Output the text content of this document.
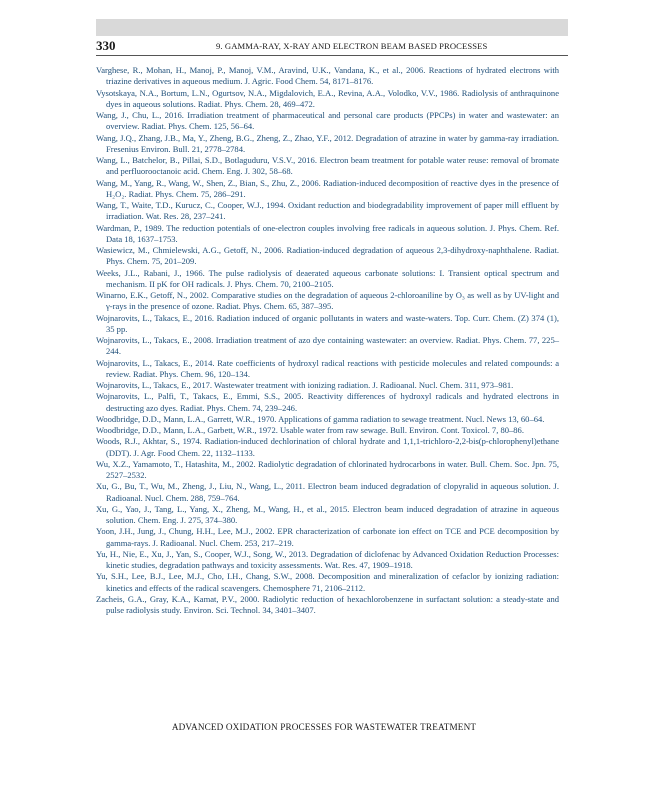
330	9. GAMMA-RAY, X-RAY AND ELECTRON BEAM BASED PROCESSES
Varghese, R., Mohan, H., Manoj, P., Manoj, V.M., Aravind, U.K., Vandana, K., et al., 2006. Reactions of hydrated electrons with triazine derivatives in aqueous medium. J. Agric. Food Chem. 54, 8171–8176.
Vysotskaya, N.A., Bortum, L.N., Ogurtsov, N.A., Migdalovich, E.A., Revina, A.A., Volodko, V.V., 1986. Radiolysis of anthraquinone dyes in aqueous solutions. Radiat. Phys. Chem. 28, 469–472.
Wang, J., Chu, L., 2016. Irradiation treatment of pharmaceutical and personal care products (PPCPs) in water and wastewater: an overview. Radiat. Phys. Chem. 125, 56–64.
Wang, J.Q., Zhang, J.B., Ma, Y., Zheng, B.G., Zheng, Z., Zhao, Y.F., 2012. Degradation of atrazine in water by gamma-ray irradiation. Fresenius Environ. Bull. 21, 2778–2784.
Wang, L., Batchelor, B., Pillai, S.D., Botlaguduru, V.S.V., 2016. Electron beam treatment for potable water reuse: removal of bromate and perfluorooctanoic acid. Chem. Eng. J. 302, 58–68.
Wang, M., Yang, R., Wang, W., Shen, Z., Bian, S., Zhu, Z., 2006. Radiation-induced decomposition of reactive dyes in the presence of H₂O₂. Radiat. Phys. Chem. 75, 286–291.
Wang, T., Waite, T.D., Kurucz, C., Cooper, W.J., 1994. Oxidant reduction and biodegradability improvement of paper mill effluent by irradiation. Wat. Res. 28, 237–241.
Wardman, P., 1989. The reduction potentials of one-electron couples involving free radicals in aqueous solution. J. Phys. Chem. Ref. Data 18, 1637–1753.
Wasiewicz, M., Chmielewski, A.G., Getoff, N., 2006. Radiation-induced degradation of aqueous 2,3-dihydroxy-naphthalene. Radiat. Phys. Chem. 75, 201–209.
Weeks, J.L., Rabani, J., 1966. The pulse radiolysis of deaerated aqueous carbonate solutions: I. Transient optical spectrum and mechanism. II pK for OH radicals. J. Phys. Chem. 70, 2100–2105.
Winarno, E.K., Getoff, N., 2002. Comparative studies on the degradation of aqueous 2-chloroaniline by O₃ as well as by UV-light and γ-rays in the presence of ozone. Radiat. Phys. Chem. 65, 387–395.
Wojnarovits, L., Takacs, E., 2016. Radiation induced of organic pollutants in waters and waste-waters. Top. Curr. Chem. (Z) 374 (1), 35 pp.
Wojnarovits, L., Takacs, E., 2008. Irradiation treatment of azo dye containing wastewater: an overview. Radiat. Phys. Chem. 77, 225–244.
Wojnarovits, L., Takacs, E., 2014. Rate coefficients of hydroxyl radical reactions with pesticide molecules and related compounds: a review. Radiat. Phys. Chem. 96, 120–134.
Wojnarovits, L., Takacs, E., 2017. Wastewater treatment with ionizing radiation. J. Radioanal. Nucl. Chem. 311, 973–981.
Wojnarovits, L., Palfi, T., Takacs, E., Emmi, S.S., 2005. Reactivity differences of hydroxyl radicals and hydrated electrons in destructing azo dyes. Radiat. Phys. Chem. 74, 239–246.
Woodbridge, D.D., Mann, L.A., Garrett, W.R., 1970. Applications of gamma radiation to sewage treatment. Nucl. News 13, 60–64.
Woodbridge, D.D., Mann, L.A., Garbett, W.R., 1972. Usable water from raw sewage. Bull. Environ. Cont. Toxicol. 7, 80–86.
Woods, R.J., Akhtar, S., 1974. Radiation-induced dechlorination of chloral hydrate and 1,1,1-trichloro-2,2-bis(p-chlorophenyl)ethane (DDT). J. Agr. Food Chem. 22, 1132–1133.
Wu, X.Z., Yamamoto, T., Hatashita, M., 2002. Radiolytic degradation of chlorinated hydrocarbons in water. Bull. Chem. Soc. Jpn. 75, 2527–2532.
Xu, G., Bu, T., Wu, M., Zheng, J., Liu, N., Wang, L., 2011. Electron beam induced degradation of clopyralid in aqueous solution. J. Radioanal. Nucl. Chem. 288, 759–764.
Xu, G., Yao, J., Tang, L., Yang, X., Zheng, M., Wang, H., et al., 2015. Electron beam induced degradation of atrazine in aqueous solution. Chem. Eng. J. 275, 374–380.
Yoon, J.H., Jung, J., Chung, H.H., Lee, M.J., 2002. EPR characterization of carbonate ion effect on TCE and PCE decomposition by gamma-rays. J. Radioanal. Nucl. Chem. 253, 217–219.
Yu, H., Nie, E., Xu, J., Yan, S., Cooper, W.J., Song, W., 2013. Degradation of diclofenac by Advanced Oxidation Reduction Processes: kinetic studies, degradation pathways and toxicity assessments. Wat. Res. 47, 1909–1918.
Yu, S.H., Lee, B.J., Lee, M.J., Cho, I.H., Chang, S.W., 2008. Decomposition and mineralization of cefaclor by ionizing radiation: kinetics and effects of the radical scavengers. Chemosphere 71, 2106–2112.
Zacheis, G.A., Gray, K.A., Kamat, P.V., 2000. Radiolytic reduction of hexachlorobenzene in surfactant solution: a steady-state and pulse radiolysis study. Environ. Sci. Technol. 34, 3401–3407.
ADVANCED OXIDATION PROCESSES FOR WASTEWATER TREATMENT
